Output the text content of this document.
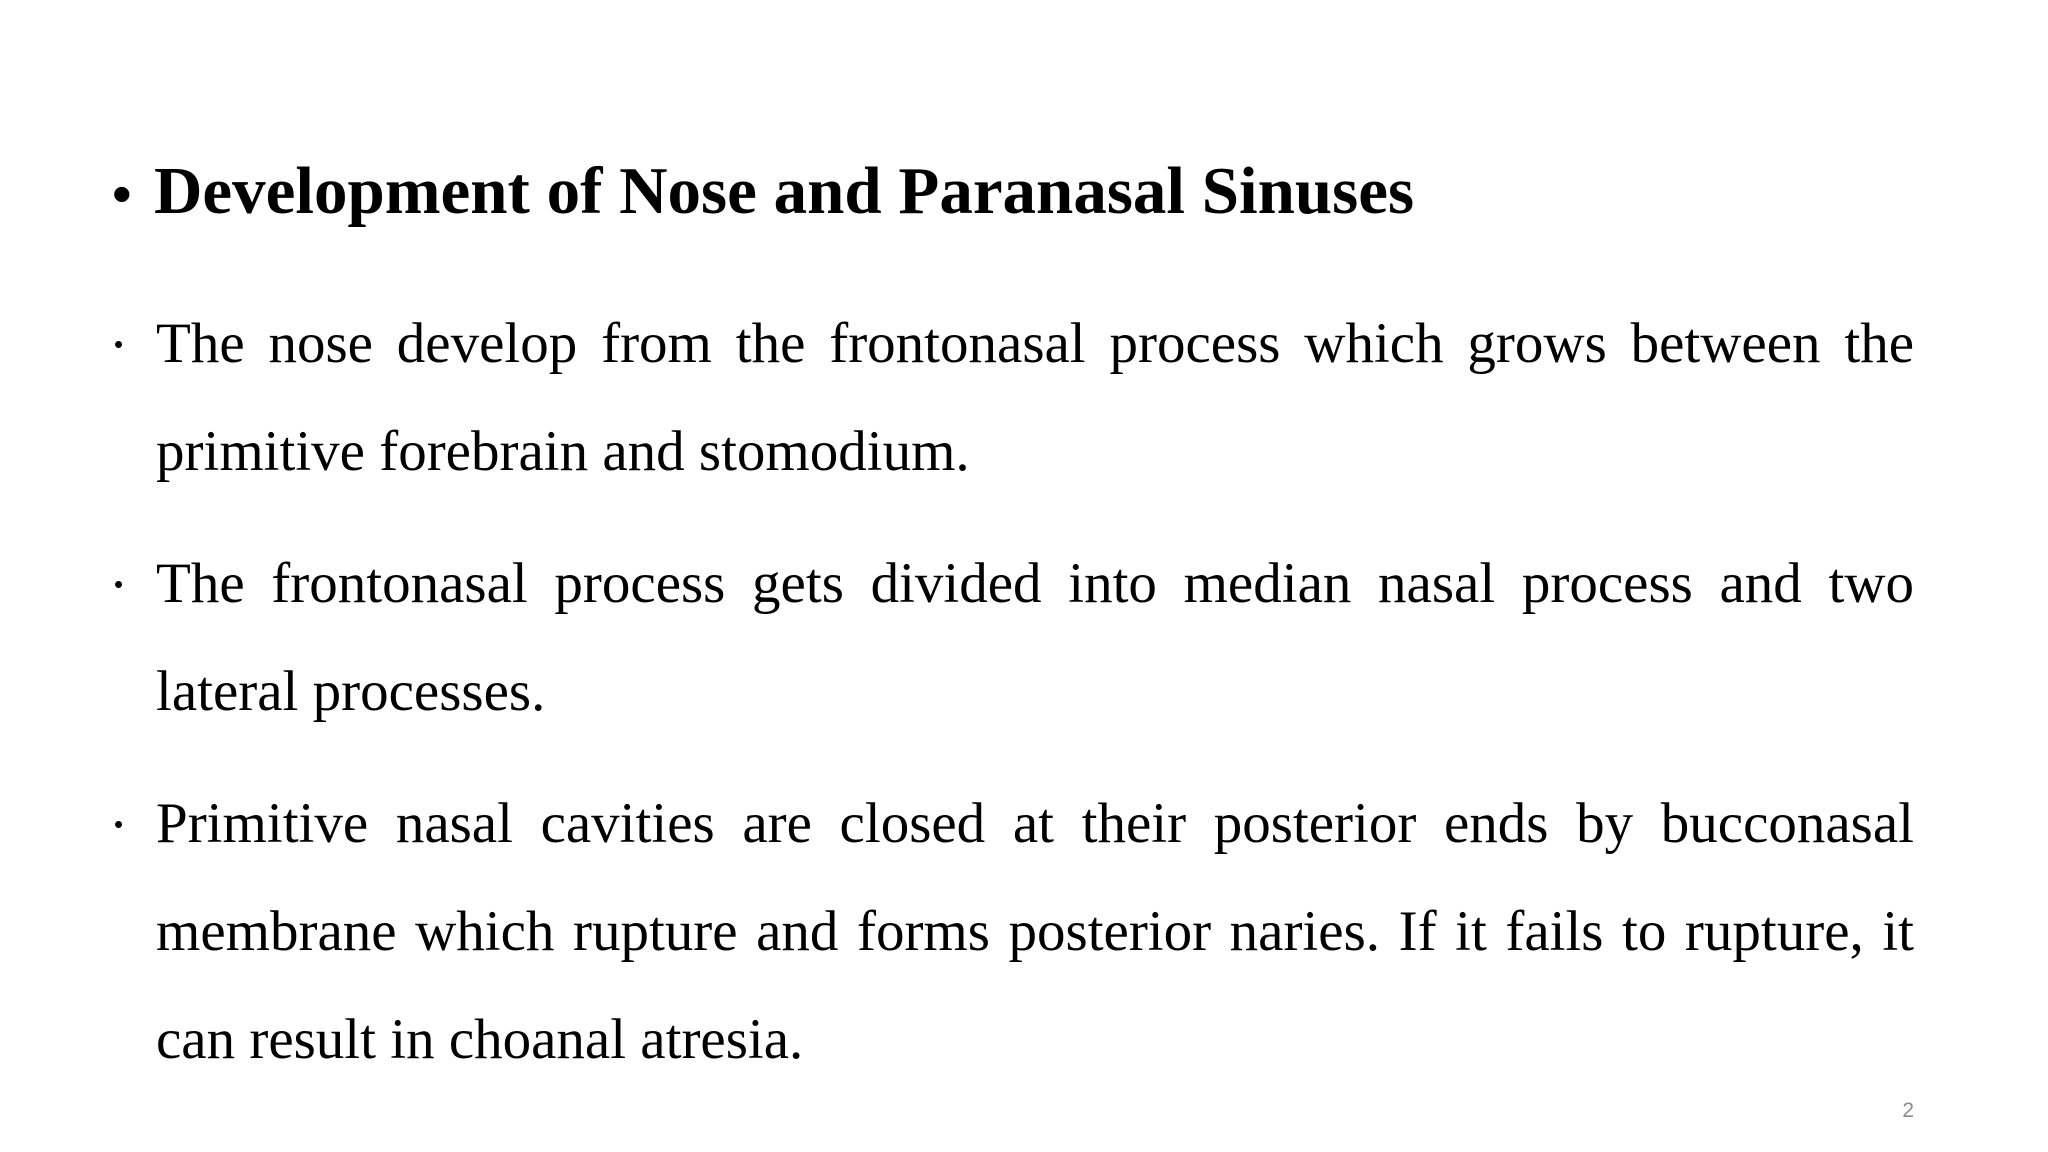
• Development of Nose and Paranasal Sinuses
• The nose develop from the frontonasal process which grows between the primitive forebrain and stomodium.
• The frontonasal process gets divided into median nasal process and two lateral processes.
• Primitive nasal cavities are closed at their posterior ends by bucconasal membrane which rupture and forms posterior naries. If it fails to rupture, it can result in choanal atresia.
2
